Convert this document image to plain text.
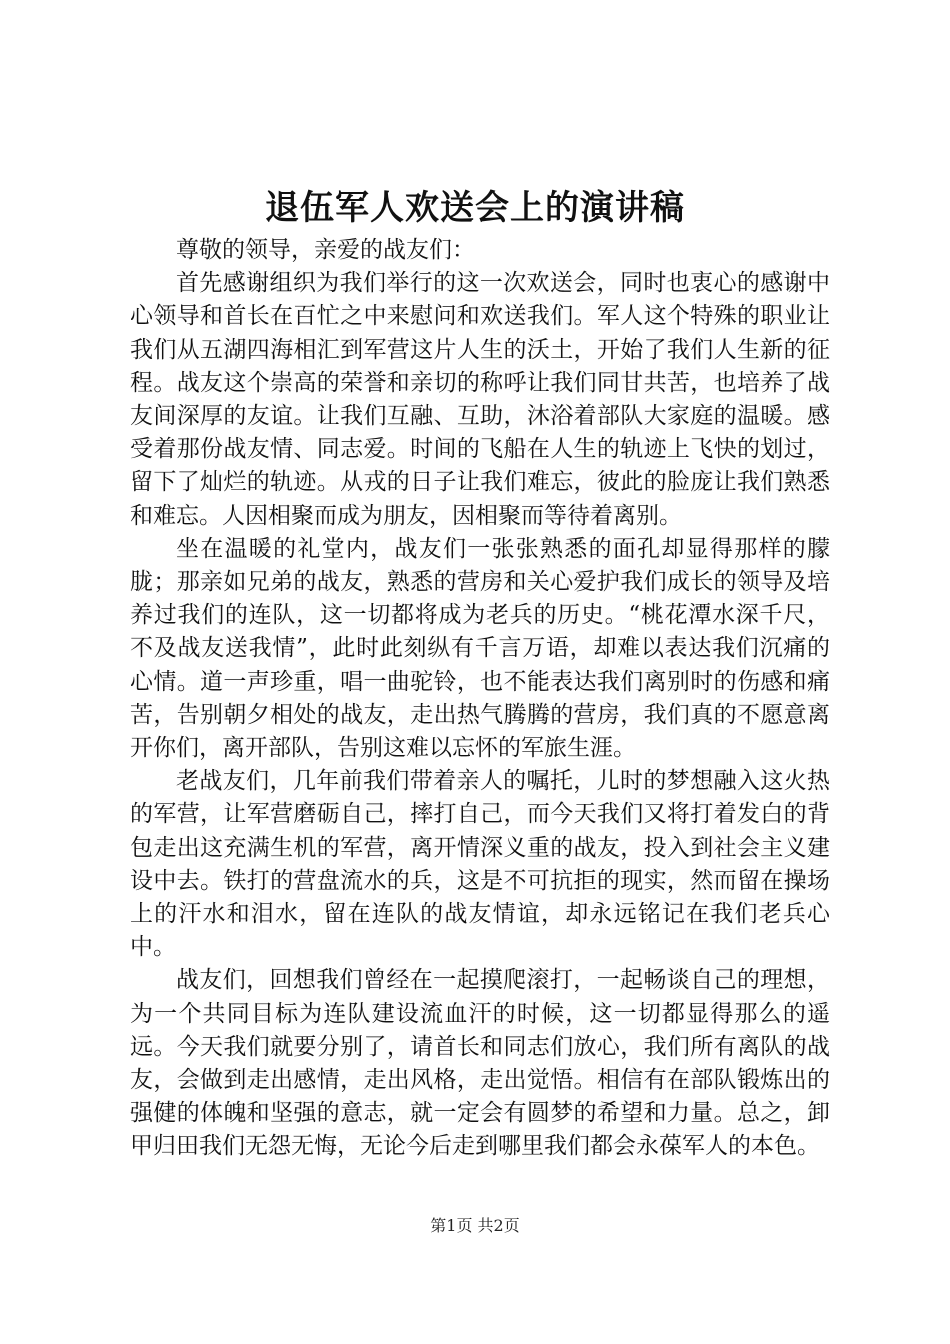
退伍军人欢送会上的演讲稿

尊敬的领导，亲爱的战友们：

首先感谢组织为我们举行的这一次欢送会，同时也衷心的感谢中心领导和首长在百忙之中来慰问和欢送我们。军人这个特殊的职业让我们从五湖四海相汇到军营这片人生的沃土，开始了我们人生新的征程。战友这个崇高的荣誉和亲切的称呼让我们同甘共苦，也培养了战友间深厚的友谊。让我们互融、互助，沐浴着部队大家庭的温暖。感受着那份战友情、同志爱。时间的飞船在人生的轨迹上飞快的划过，留下了灿烂的轨迹。从戎的日子让我们难忘，彼此的脸庞让我们熟悉和难忘。人因相聚而成为朋友，因相聚而等待着离别。

坐在温暖的礼堂内，战友们一张张熟悉的面孔却显得那样的朦胧；那亲如兄弟的战友，熟悉的营房和关心爱护我们成长的领导及培养过我们的连队，这一切都将成为老兵的历史。“桃花潭水深千尺，不及战友送我情”，此时此刻纵有千言万语，却难以表达我们沉痛的心情。道一声珍重，唱一曲驼铃，也不能表达我们离别时的伤感和痛苦，告别朝夕相处的战友，走出热气腾腾的营房，我们真的不愿意离开你们，离开部队，告别这难以忘怀的军旅生涯。

老战友们，几年前我们带着亲人的嘱托，儿时的梦想融入这火热的军营，让军营磨砺自己，摔打自己，而今天我们又将打着发白的背包走出这充满生机的军营，离开情深义重的战友，投入到社会主义建设中去。铁打的营盘流水的兵，这是不可抗拒的现实，然而留在操场上的汗水和泪水，留在连队的战友情谊，却永远铭记在我们老兵心中。

战友们，回想我们曾经在一起摸爬滚打，一起畅谈自己的理想，为一个共同目标为连队建设流血汗的时候，这一切都显得那么的遥远。今天我们就要分别了，请首长和同志们放心，我们所有离队的战友，会做到走出感情，走出风格，走出觉悟。相信有在部队锻炼出的强健的体魄和坚强的意志，就一定会有圆梦的希望和力量。总之，卸甲归田我们无怨无悔，无论今后走到哪里我们都会永葆军人的本色。

第1页 共2页
